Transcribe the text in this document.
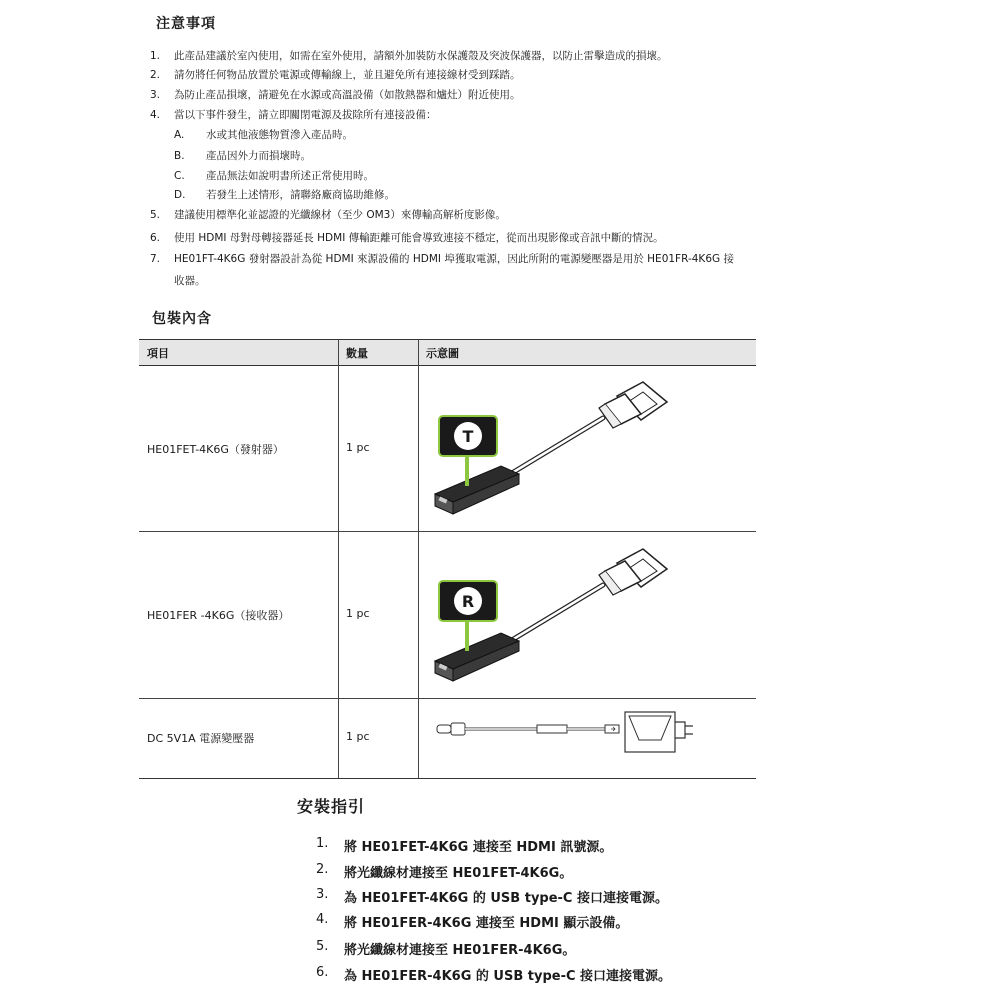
注意事項
1. 此產品建議於室內使用，如需在室外使用，請額外加裝防水保護殼及突波保護器，以防止雷擊造成的損壞。
2. 請勿將任何物品放置於電源或傳輸線上，並且避免所有連接線材受到踩踏。
3. 為防止產品損壞，請避免在水源或高溫設備（如散熱器和爐灶）附近使用。
4. 當以下事件發生，請立即關閉電源及拔除所有連接設備：
A. 水或其他液態物質滲入產品時。
B. 產品因外力而損壞時。
C. 產品無法如說明書所述正常使用時。
D. 若發生上述情形，請聯絡廠商協助維修。
5. 建議使用標準化並認證的光纖線材（至少 OM3）來傳輸高解析度影像。
6. 使用 HDMI 母對母轉接器延長 HDMI 傳輸距離可能會導致連接不穩定，從而出現影像或音訊中斷的情況。
7. HE01FT-4K6G 發射器設計為從 HDMI 來源設備的 HDMI 埠獲取電源，因此所附的電源變壓器是用於 HE01FR-4K6G 接
收器。
包裝內含
項目	數量	示意圖
HE01FET-4K6G（發射器）	1 pc
T
HE01FER -4K6G（接收器）	1 pc
R
DC 5V1A 電源變壓器	1 pc
安裝指引
1. 將 HE01FET-4K6G 連接至 HDMI 訊號源。
2. 將光纖線材連接至 HE01FET-4K6G。
3. 為 HE01FET-4K6G 的 USB type-C 接口連接電源。
4. 將 HE01FER-4K6G 連接至 HDMI 顯示設備。
5. 將光纖線材連接至 HE01FER-4K6G。
6. 為 HE01FER-4K6G 的 USB type-C 接口連接電源。
